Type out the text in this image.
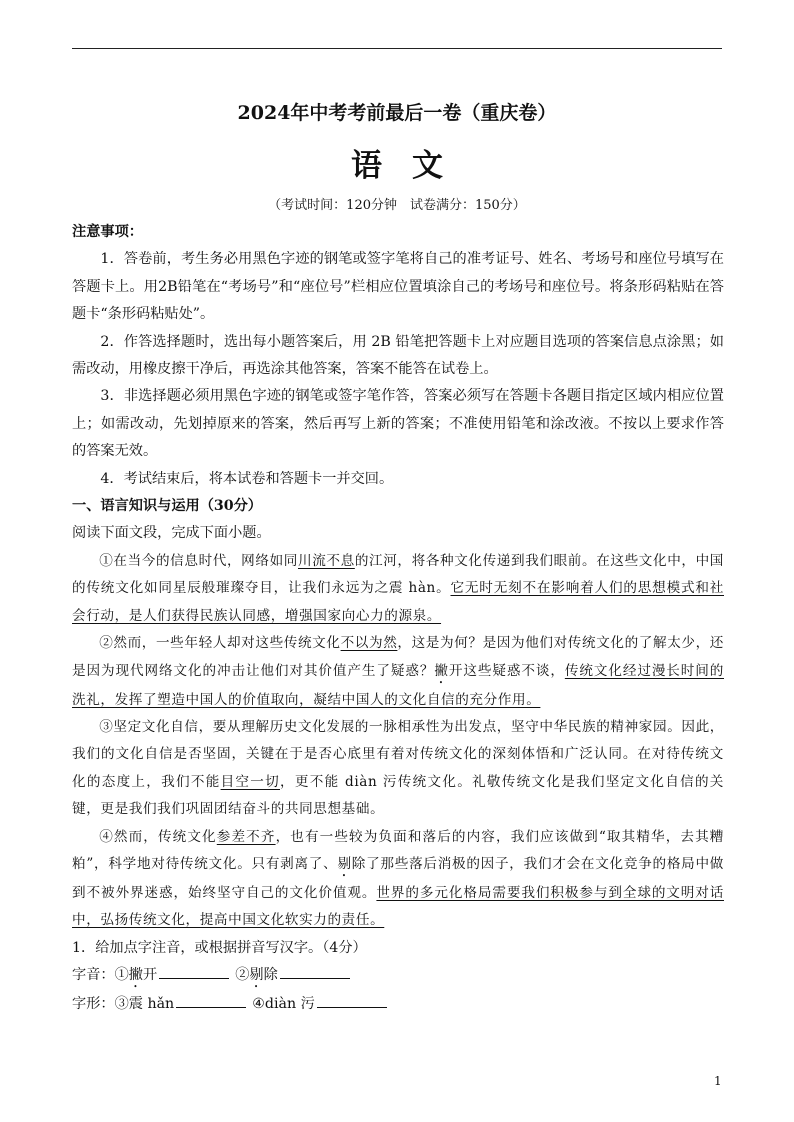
2024年中考考前最后一卷（重庆卷）
语文
（考试时间：120分钟　试卷满分：150分）

注意事项：

1．答卷前，考生务必用黑色字迹的钢笔或签字笔将自己的准考证号、姓名、考场号和座位号填写在答题卡上。用2B铅笔在“考场号”和“座位号”栏相应位置填涂自己的考场号和座位号。将条形码粘贴在答题卡“条形码粘贴处”。

2．作答选择题时，选出每小题答案后，用 2B 铅笔把答题卡上对应题目选项的答案信息点涂黑；如需改动，用橡皮擦干净后，再选涂其他答案，答案不能答在试卷上。

3．非选择题必须用黑色字迹的钢笔或签字笔作答，答案必须写在答题卡各题目指定区域内相应位置上；如需改动，先划掉原来的答案，然后再写上新的答案；不准使用铅笔和涂改液。不按以上要求作答的答案无效。

4．考试结束后，将本试卷和答题卡一并交回。

一、语言知识与运用（30分）

阅读下面文段，完成下面小题。

①在当今的信息时代，网络如同川流不息的江河，将各种文化传递到我们眼前。在这些文化中，中国的传统文化如同星辰般璀璨夺目，让我们永远为之震 hàn。它无时无刻不在影响着人们的思想模式和社会行动，是人们获得民族认同感，增强国家向心力的源泉。

②然而，一些年轻人却对这些传统文化不以为然，这是为何？是因为他们对传统文化的了解太少，还是因为现代网络文化的冲击让他们对其价值产生了疑惑？撇开这些疑惑不谈，传统文化经过漫长时间的洗礼，发挥了塑造中国人的价值取向，凝结中国人的文化自信的充分作用。

③坚定文化自信，要从理解历史文化发展的一脉相承性为出发点，坚守中华民族的精神家园。因此，我们的文化自信是否坚固，关键在于是否心底里有着对传统文化的深刻体悟和广泛认同。在对待传统文化的态度上，我们不能目空一切，更不能 diàn 污传统文化。礼敬传统文化是我们坚定文化自信的关键，更是我们我们巩固团结奋斗的共同思想基础。

④然而，传统文化参差不齐，也有一些较为负面和落后的内容，我们应该做到“取其精华，去其糟粕”，科学地对待传统文化。只有剥离了、剔除了那些落后消极的因子，我们才会在文化竞争的格局中做到不被外界迷惑，始终坚守自己的文化价值观。世界的多元化格局需要我们积极参与到全球的文明对话中，弘扬传统文化，提高中国文化软实力的责任。

1．给加点字注音，或根据拼音写汉字。（4分）

字音：①撇开	②剔除

字形：③震 hǎn	④diàn 污

1
